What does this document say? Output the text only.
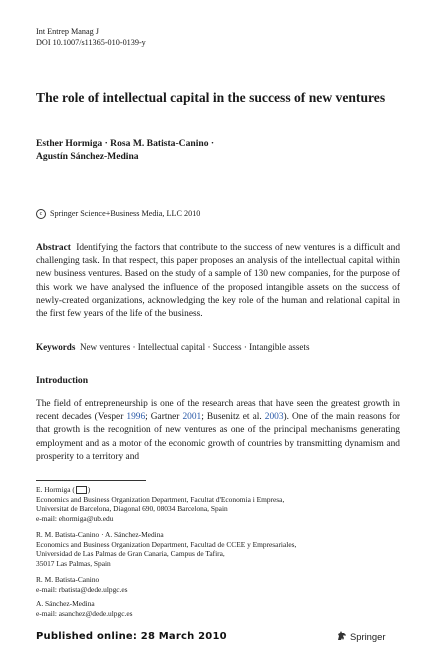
Int Entrep Manag J
DOI 10.1007/s11365-010-0139-y
The role of intellectual capital in the success of new ventures
Esther Hormiga · Rosa M. Batista-Canino ·
Agustín Sánchez-Medina
c Springer Science+Business Media, LLC 2010

Abstract Identifying the factors that contribute to the success of new ventures is a difficult and challenging task. In that respect, this paper proposes an analysis of the intellectual capital within new business ventures. Based on the study of a sample of 130 new companies, for the purpose of this work we have analysed the influence of the proposed intangible assets on the success of newly-created organizations, acknowledging the key role of the human and relational capital in the first few years of the life of the business.

Keywords New ventures · Intellectual capital · Success · Intangible assets
Introduction

The field of entrepreneurship is one of the research areas that have seen the greatest growth in recent decades (Vesper 1996; Gartner 2001; Busenitz et al. 2003). One of the main reasons for that growth is the recognition of new ventures as one of the principal mechanisms generating employment and as a motor of the economic growth of countries by transmitting dynamism and prosperity to a territory and

E. Hormiga ( )
Economics and Business Organization Department, Facultat d'Economia i Empresa,
Universitat de Barcelona, Diagonal 690, 08034 Barcelona, Spain
e-mail: ehormiga@ub.edu
R. M. Batista-Canino · A. Sánchez-Medina
Economics and Business Organization Department, Facultad de CCEE y Empresariales,
Universidad de Las Palmas de Gran Canaria, Campus de Tafira,
35017 Las Palmas, Spain
R. M. Batista-Canino
e-mail: rbatista@dede.ulpgc.es
A. Sánchez-Medina
e-mail: asanchez@dede.ulpgc.es
Published online: 28 March 2010	Springer
